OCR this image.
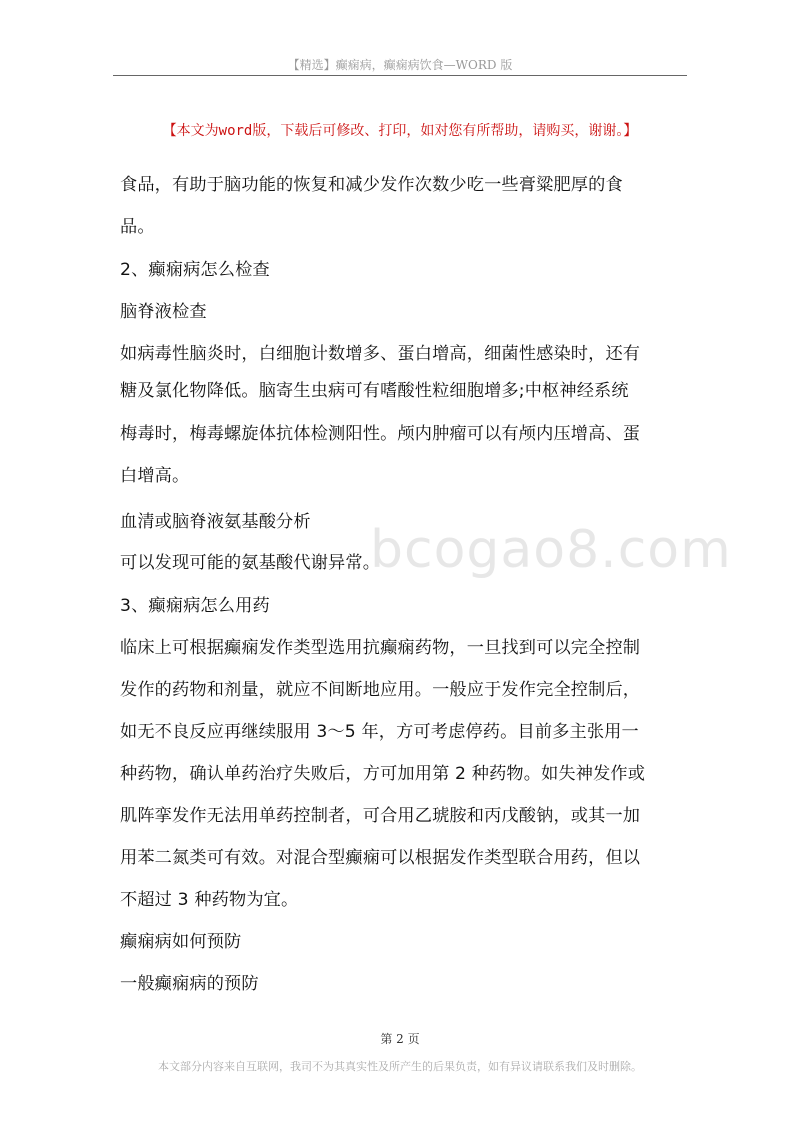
【精选】癫痫病，癫痫病饮食—WORD 版
【本文为word版，下载后可修改、打印，如对您有所帮助，请购买，谢谢。】
食品，有助于脑功能的恢复和减少发作次数少吃一些膏粱肥厚的食
品。
2、癫痫病怎么检查
脑脊液检查
如病毒性脑炎时，白细胞计数增多、蛋白增高，细菌性感染时，还有
糖及氯化物降低。脑寄生虫病可有嗜酸性粒细胞增多;中枢神经系统
梅毒时，梅毒螺旋体抗体检测阳性。颅内肿瘤可以有颅内压增高、蛋
白增高。
血清或脑脊液氨基酸分析
可以发现可能的氨基酸代谢异常。
3、癫痫病怎么用药
临床上可根据癫痫发作类型选用抗癫痫药物，一旦找到可以完全控制
发作的药物和剂量，就应不间断地应用。一般应于发作完全控制后，
如无不良反应再继续服用 3～5 年，方可考虑停药。目前多主张用一
种药物，确认单药治疗失败后，方可加用第 2 种药物。如失神发作或
肌阵挛发作无法用单药控制者，可合用乙琥胺和丙戊酸钠，或其一加
用苯二氮类可有效。对混合型癫痫可以根据发作类型联合用药，但以
不超过 3 种药物为宜。
癫痫病如何预防
一般癫痫病的预防
bcogao8.com
第 2 页
本文部分内容来自互联网，我司不为其真实性及所产生的后果负责，如有异议请联系我们及时删除。
